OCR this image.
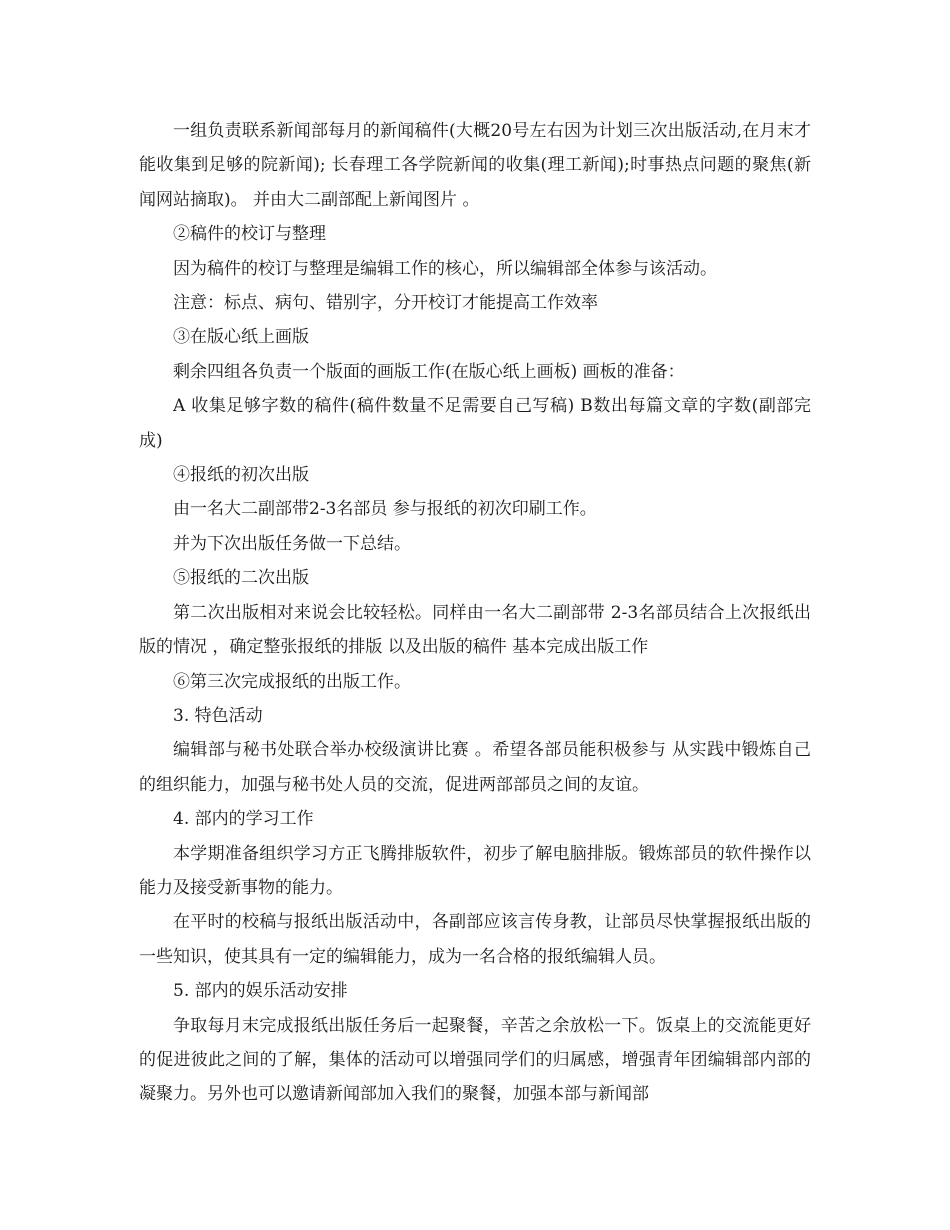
一组负责联系新闻部每月的新闻稿件(大概20号左右因为计划三次出版活动,在月末才能收集到足够的院新闻); 长春理工各学院新闻的收集(理工新闻);时事热点问题的聚焦(新闻网站摘取)。 并由大二副部配上新闻图片 。

②稿件的校订与整理

因为稿件的校订与整理是编辑工作的核心，所以编辑部全体参与该活动。

注意：标点、病句、错别字，分开校订才能提高工作效率

③在版心纸上画版

剩余四组各负责一个版面的画版工作(在版心纸上画板) 画板的准备：

A 收集足够字数的稿件(稿件数量不足需要自己写稿) B数出每篇文章的字数(副部完成)

④报纸的初次出版

由一名大二副部带2-3名部员 参与报纸的初次印刷工作。

并为下次出版任务做一下总结。

⑤报纸的二次出版

第二次出版相对来说会比较轻松。同样由一名大二副部带 2-3名部员结合上次报纸出版的情况 ，确定整张报纸的排版 以及出版的稿件 基本完成出版工作

⑥第三次完成报纸的出版工作。

3. 特色活动

编辑部与秘书处联合举办校级演讲比赛 。希望各部员能积极参与 从实践中锻炼自己的组织能力，加强与秘书处人员的交流，促进两部部员之间的友谊。

4. 部内的学习工作

本学期准备组织学习方正飞腾排版软件，初步了解电脑排版。锻炼部员的软件操作以能力及接受新事物的能力。

在平时的校稿与报纸出版活动中，各副部应该言传身教，让部员尽快掌握报纸出版的一些知识，使其具有一定的编辑能力，成为一名合格的报纸编辑人员。

5. 部内的娱乐活动安排

争取每月末完成报纸出版任务后一起聚餐，辛苦之余放松一下。饭桌上的交流能更好的促进彼此之间的了解，集体的活动可以增强同学们的归属感，增强青年团编辑部内部的凝聚力。另外也可以邀请新闻部加入我们的聚餐，加强本部与新闻部
